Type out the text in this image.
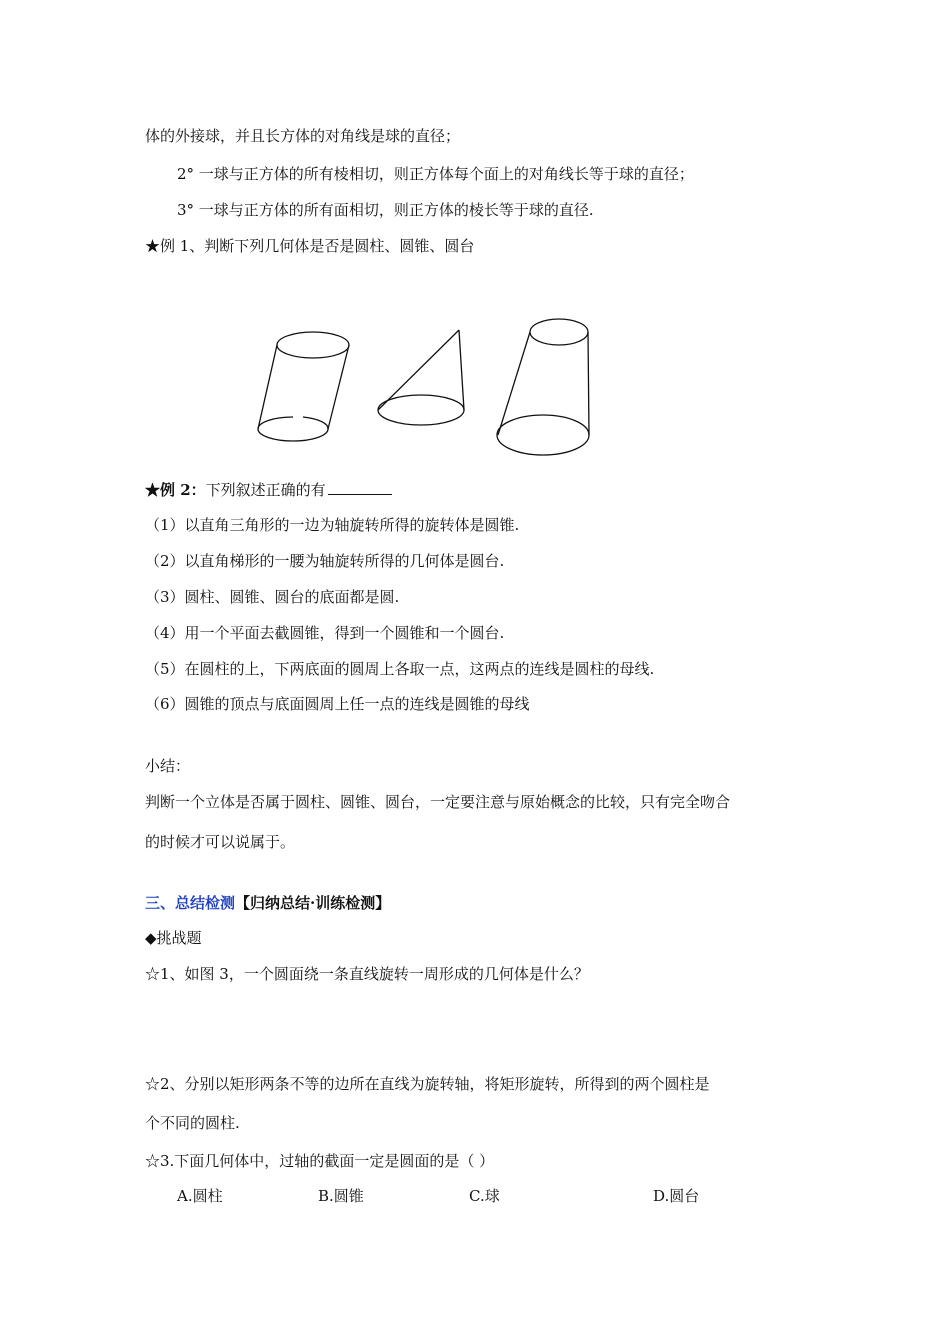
体的外接球，并且长方体的对角线是球的直径；
2° 一球与正方体的所有棱相切，则正方体每个面上的对角线长等于球的直径；
3° 一球与正方体的所有面相切，则正方体的棱长等于球的直径.
★例 1、判断下列几何体是否是圆柱、圆锥、圆台
★例 2：下列叙述正确的有
（1）以直角三角形的一边为轴旋转所得的旋转体是圆锥.
（2）以直角梯形的一腰为轴旋转所得的几何体是圆台.
（3）圆柱、圆锥、圆台的底面都是圆.
（4）用一个平面去截圆锥，得到一个圆锥和一个圆台.
（5）在圆柱的上，下两底面的圆周上各取一点，这两点的连线是圆柱的母线.
（6）圆锥的顶点与底面圆周上任一点的连线是圆锥的母线
小结：
判断一个立体是否属于圆柱、圆锥、圆台，一定要注意与原始概念的比较，只有完全吻合
的时候才可以说属于。
三、总结检测【归纳总结·训练检测】
◆挑战题
☆1、如图 3，一个圆面绕一条直线旋转一周形成的几何体是什么？
☆2、分别以矩形两条不等的边所在直线为旋转轴，将矩形旋转，所得到的两个圆柱是
个不同的圆柱.
☆3.下面几何体中，过轴的截面一定是圆面的是（ ）
A.圆柱	B.圆锥	C.球	D.圆台
